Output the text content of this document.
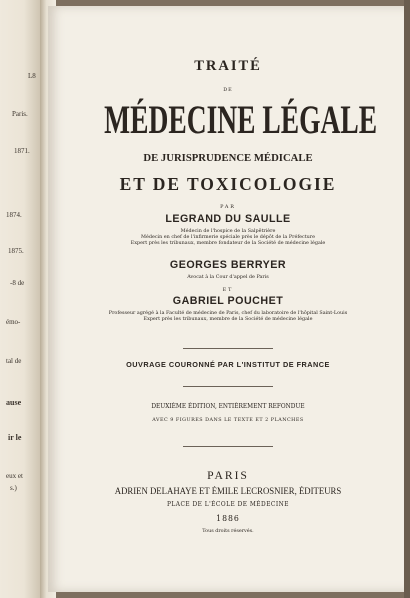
L8
Paris.
1871.
1874.
1875.
-8 de
émo-
tal de
ause
ir le
eux et
s.)
TRAITÉ
DE
MÉDECINE LÉGALE
DE JURISPRUDENCE MÉDICALE
ET DE TOXICOLOGIE
PAR
LEGRAND DU SAULLE
Médecin de l'hospice de la Salpêtrière
Médecin en chef de l'infirmerie spéciale près le dépôt de la Préfecture
Expert près les tribunaux, membre fondateur de la Société de médecine légale
GEORGES BERRYER
Avocat à la Cour d'appel de Paris
ET
GABRIEL POUCHET
Professeur agrégé à la Faculté de médecine de Paris, chef du laboratoire de l'hôpital Saint-Louis
Expert près les tribunaux, membre de la Société de médecine légale
OUVRAGE COURONNÉ PAR L'INSTITUT DE FRANCE
DEUXIÈME ÉDITION, ENTIÈREMENT REFONDUE
AVEC 9 FIGURES DANS LE TEXTE ET 2 PLANCHES
PARIS
ADRIEN DELAHAYE ET ÉMILE LECROSNIER, ÉDITEURS
PLACE DE L'ÉCOLE DE MÉDECINE
1886
Tous droits réservés.
